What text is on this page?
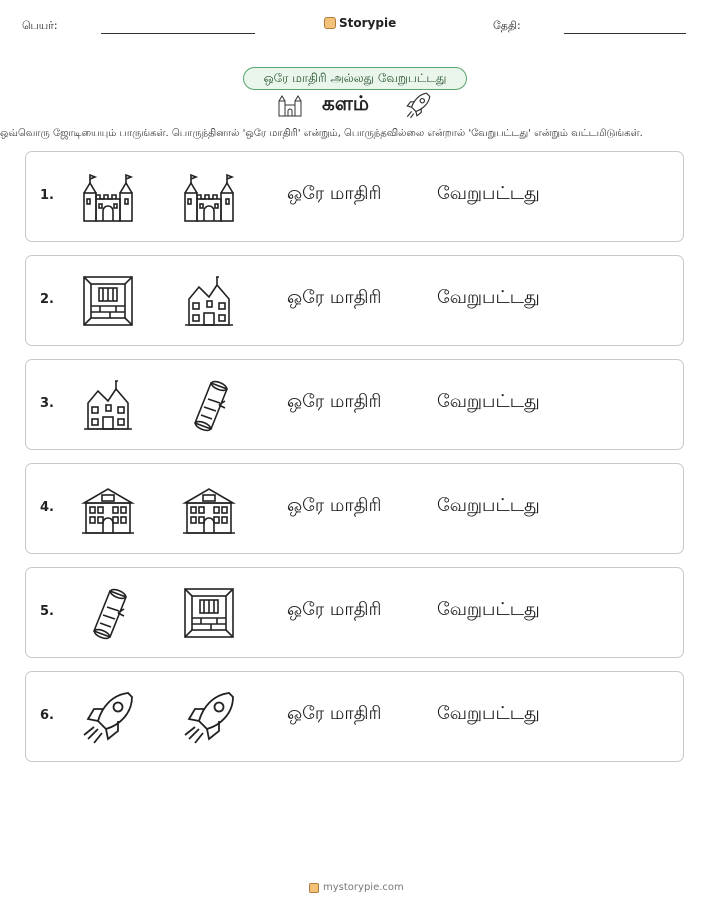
பெயர்:	Storypie	தேதி:
ஒரே மாதிரி அல்லது வேறுபட்டது
களம்
ஒவ்வொரு ஜோடியையும் பாருங்கள். பொருந்தினால் 'ஒரே மாதிரி' என்றும், பொருந்தவில்லை என்றால் 'வேறுபட்டது' என்றும் வட்டமிடுங்கள்.
1.	ஒரே மாதிரி	வேறுபட்டது
2.	ஒரே மாதிரி	வேறுபட்டது
3.	ஒரே மாதிரி	வேறுபட்டது
4.	ஒரே மாதிரி	வேறுபட்டது
5.	ஒரே மாதிரி	வேறுபட்டது
6.	ஒரே மாதிரி	வேறுபட்டது
mystorypie.com
